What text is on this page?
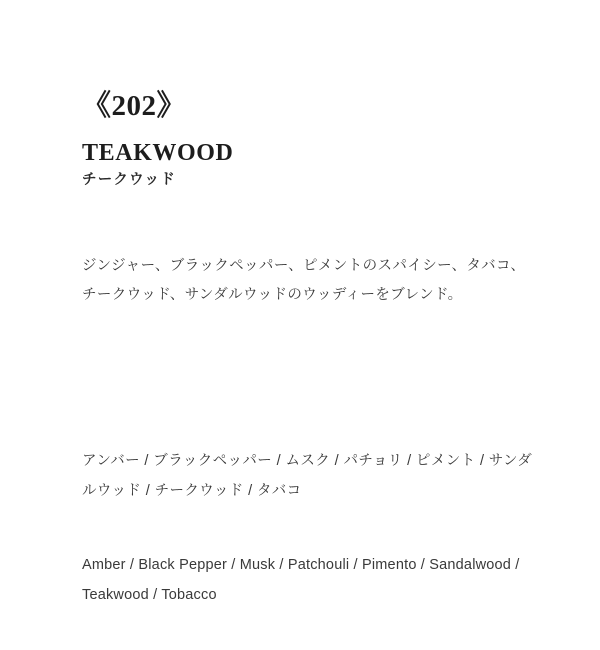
《202》
TEAKWOOD
チークウッド
ジンジャー、ブラックペッパー、ピメントのスパイシー、タバコ、チークウッド、サンダルウッドのウッディーをブレンド。
アンバー / ブラックペッパー / ムスク / パチョリ / ピメント / サンダルウッド / チークウッド / タバコ
Amber / Black Pepper / Musk / Patchouli / Pimento / Sandalwood / Teakwood / Tobacco
